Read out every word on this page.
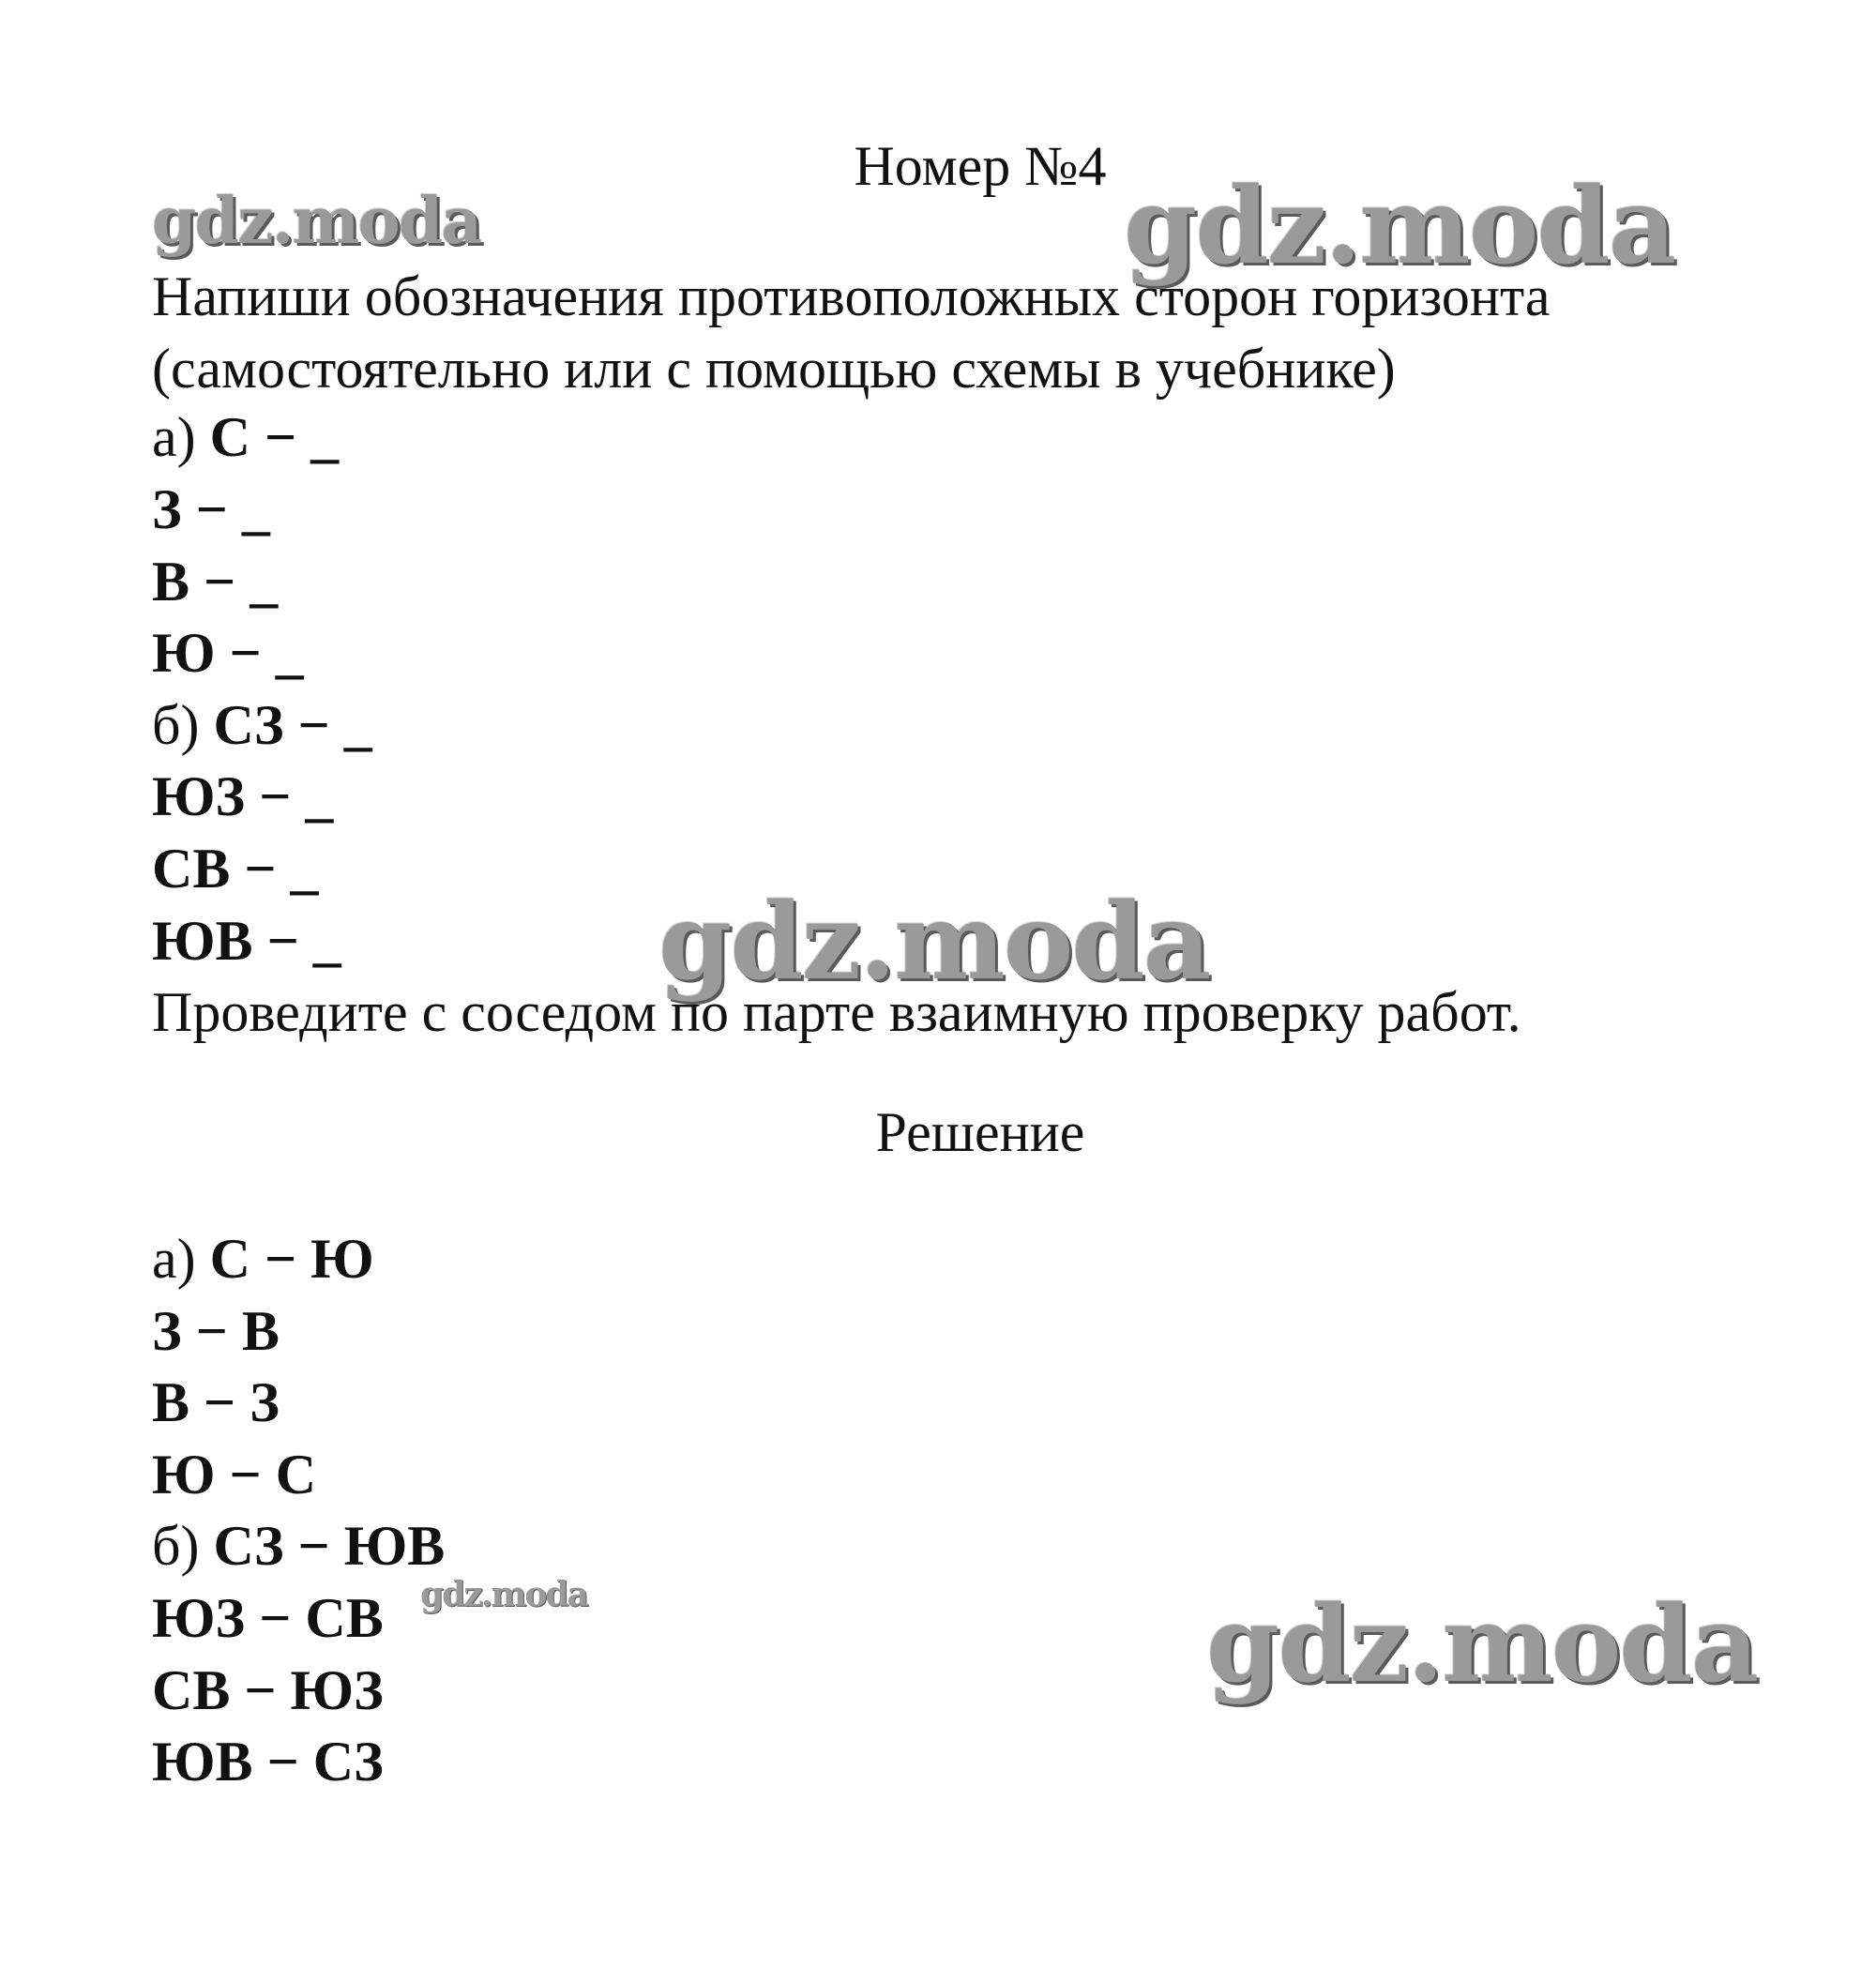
Номер №4
gdz.moda	gdz.moda
Напиши обозначения противоположных сторон горизонта
(самостоятельно или с помощью схемы в учебнике)
а) С − _
З − _
В − _
Ю − _
б) СЗ − _
ЮЗ − _
СВ − _
ЮВ − _	gdz.moda
Проведите с соседом по парте взаимную проверку работ.
Решение
а) С − Ю
З − В
В − З
Ю − С
б) СЗ − ЮВ
ЮЗ − СВ
СВ − ЮЗ
ЮВ − СЗ
gdz.moda	gdz.moda
